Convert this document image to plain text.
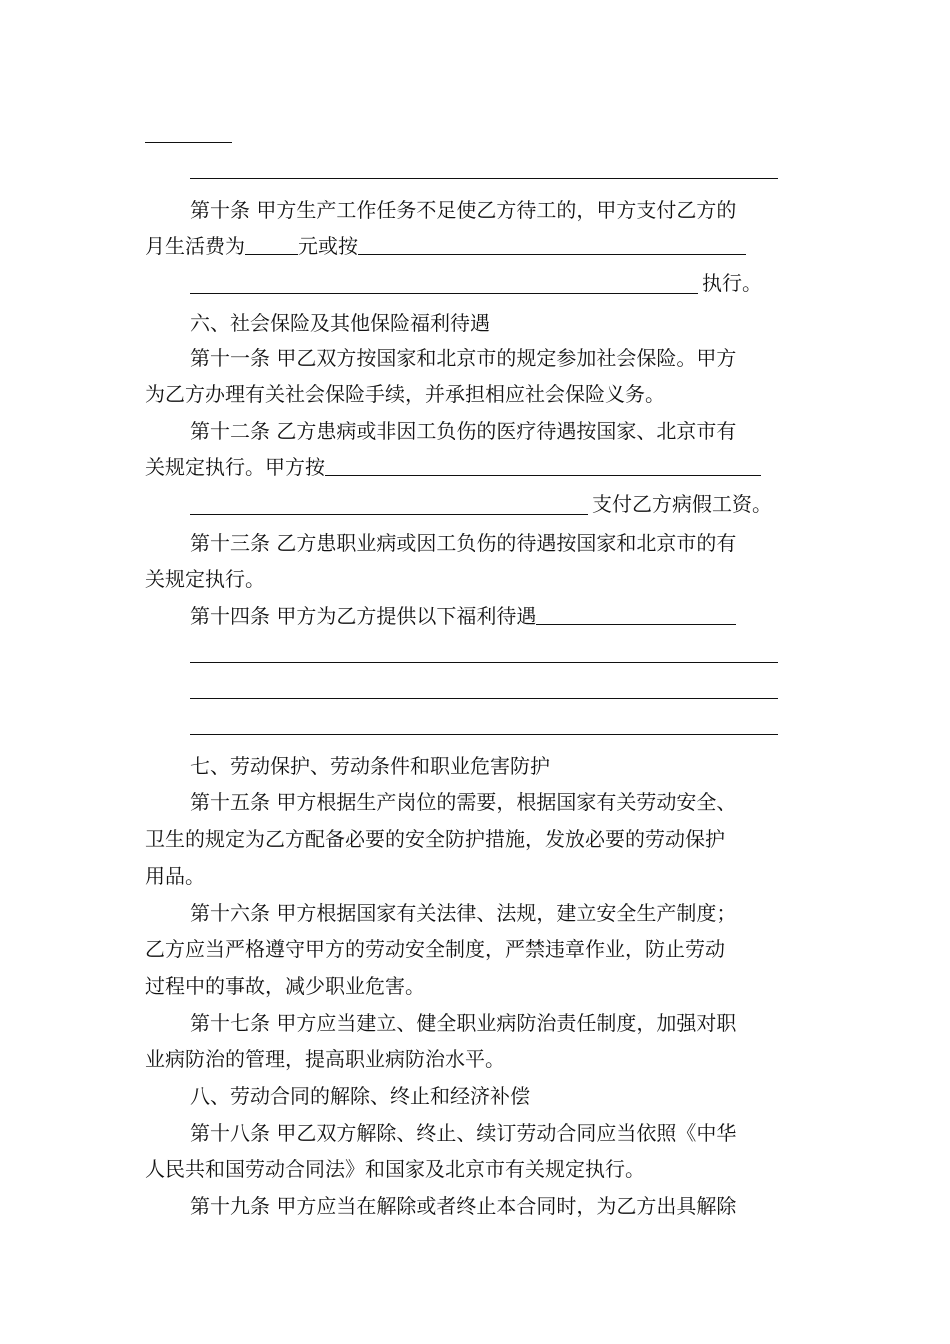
第十条 甲方生产工作任务不足使乙方待工的，甲方支付乙方的
月生活费为	元或按
执行。
六、社会保险及其他保险福利待遇
第十一条 甲乙双方按国家和北京市的规定参加社会保险。甲方
为乙方办理有关社会保险手续，并承担相应社会保险义务。
第十二条 乙方患病或非因工负伤的医疗待遇按国家、北京市有
关规定执行。甲方按
支付乙方病假工资。
第十三条 乙方患职业病或因工负伤的待遇按国家和北京市的有
关规定执行。
第十四条 甲方为乙方提供以下福利待遇
七、劳动保护、劳动条件和职业危害防护
第十五条 甲方根据生产岗位的需要，根据国家有关劳动安全、
卫生的规定为乙方配备必要的安全防护措施，发放必要的劳动保护
用品。
第十六条 甲方根据国家有关法律、法规，建立安全生产制度；
乙方应当严格遵守甲方的劳动安全制度，严禁违章作业，防止劳动
过程中的事故，减少职业危害。
第十七条 甲方应当建立、健全职业病防治责任制度，加强对职
业病防治的管理，提高职业病防治水平。
八、劳动合同的解除、终止和经济补偿
第十八条 甲乙双方解除、终止、续订劳动合同应当依照《中华
人民共和国劳动合同法》和国家及北京市有关规定执行。
第十九条 甲方应当在解除或者终止本合同时，为乙方出具解除
